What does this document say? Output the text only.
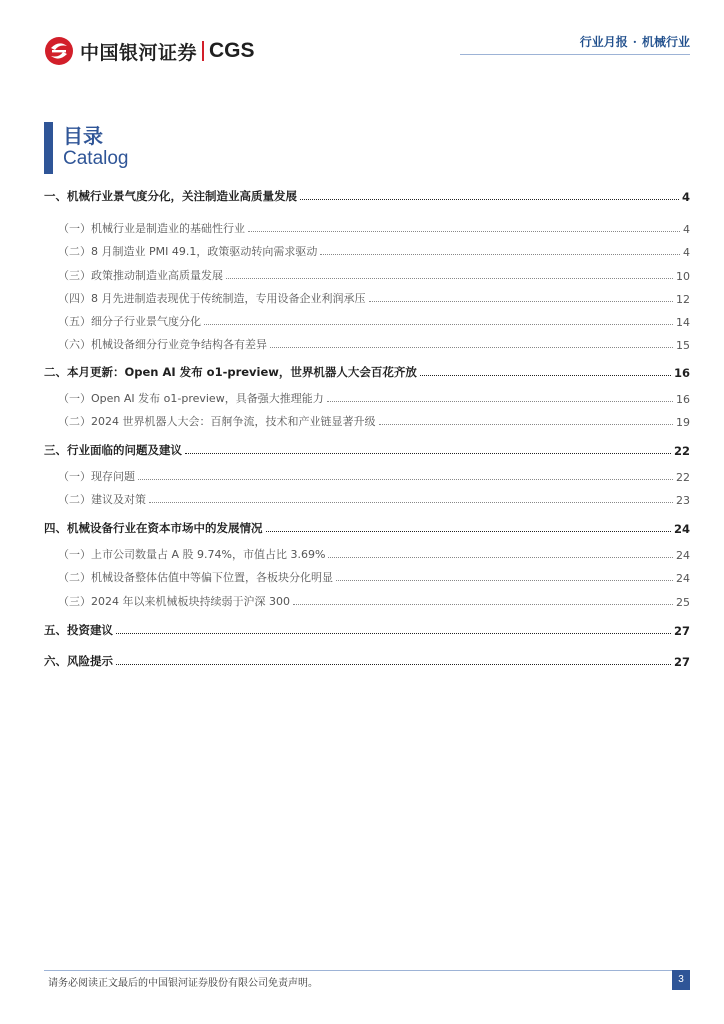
中国银河证券 CGS	行业月报 · 机械行业
目录
Catalog
一、机械行业景气度分化，关注制造业高质量发展	4
（一）机械行业是制造业的基础性行业	4
（二）8 月制造业 PMI 49.1，政策驱动转向需求驱动	4
（三）政策推动制造业高质量发展	10
（四）8 月先进制造表现优于传统制造，专用设备企业利润承压	12
（五）细分子行业景气度分化	14
（六）机械设备细分行业竞争结构各有差异	15
二、本月更新：Open AI 发布 o1-preview，世界机器人大会百花齐放	16
（一）Open AI 发布 o1-preview，具备强大推理能力	16
（二）2024 世界机器人大会：百舸争流，技术和产业链显著升级	19
三、行业面临的问题及建议	22
（一）现存问题	22
（二）建议及对策	23
四、机械设备行业在资本市场中的发展情况	24
（一）上市公司数量占 A 股 9.74%，市值占比 3.69%	24
（二）机械设备整体估值中等偏下位置，各板块分化明显	24
（三）2024 年以来机械板块持续弱于沪深 300	25
五、投资建议	27
六、风险提示	27
请务必阅读正文最后的中国银河证券股份有限公司免责声明。	3
